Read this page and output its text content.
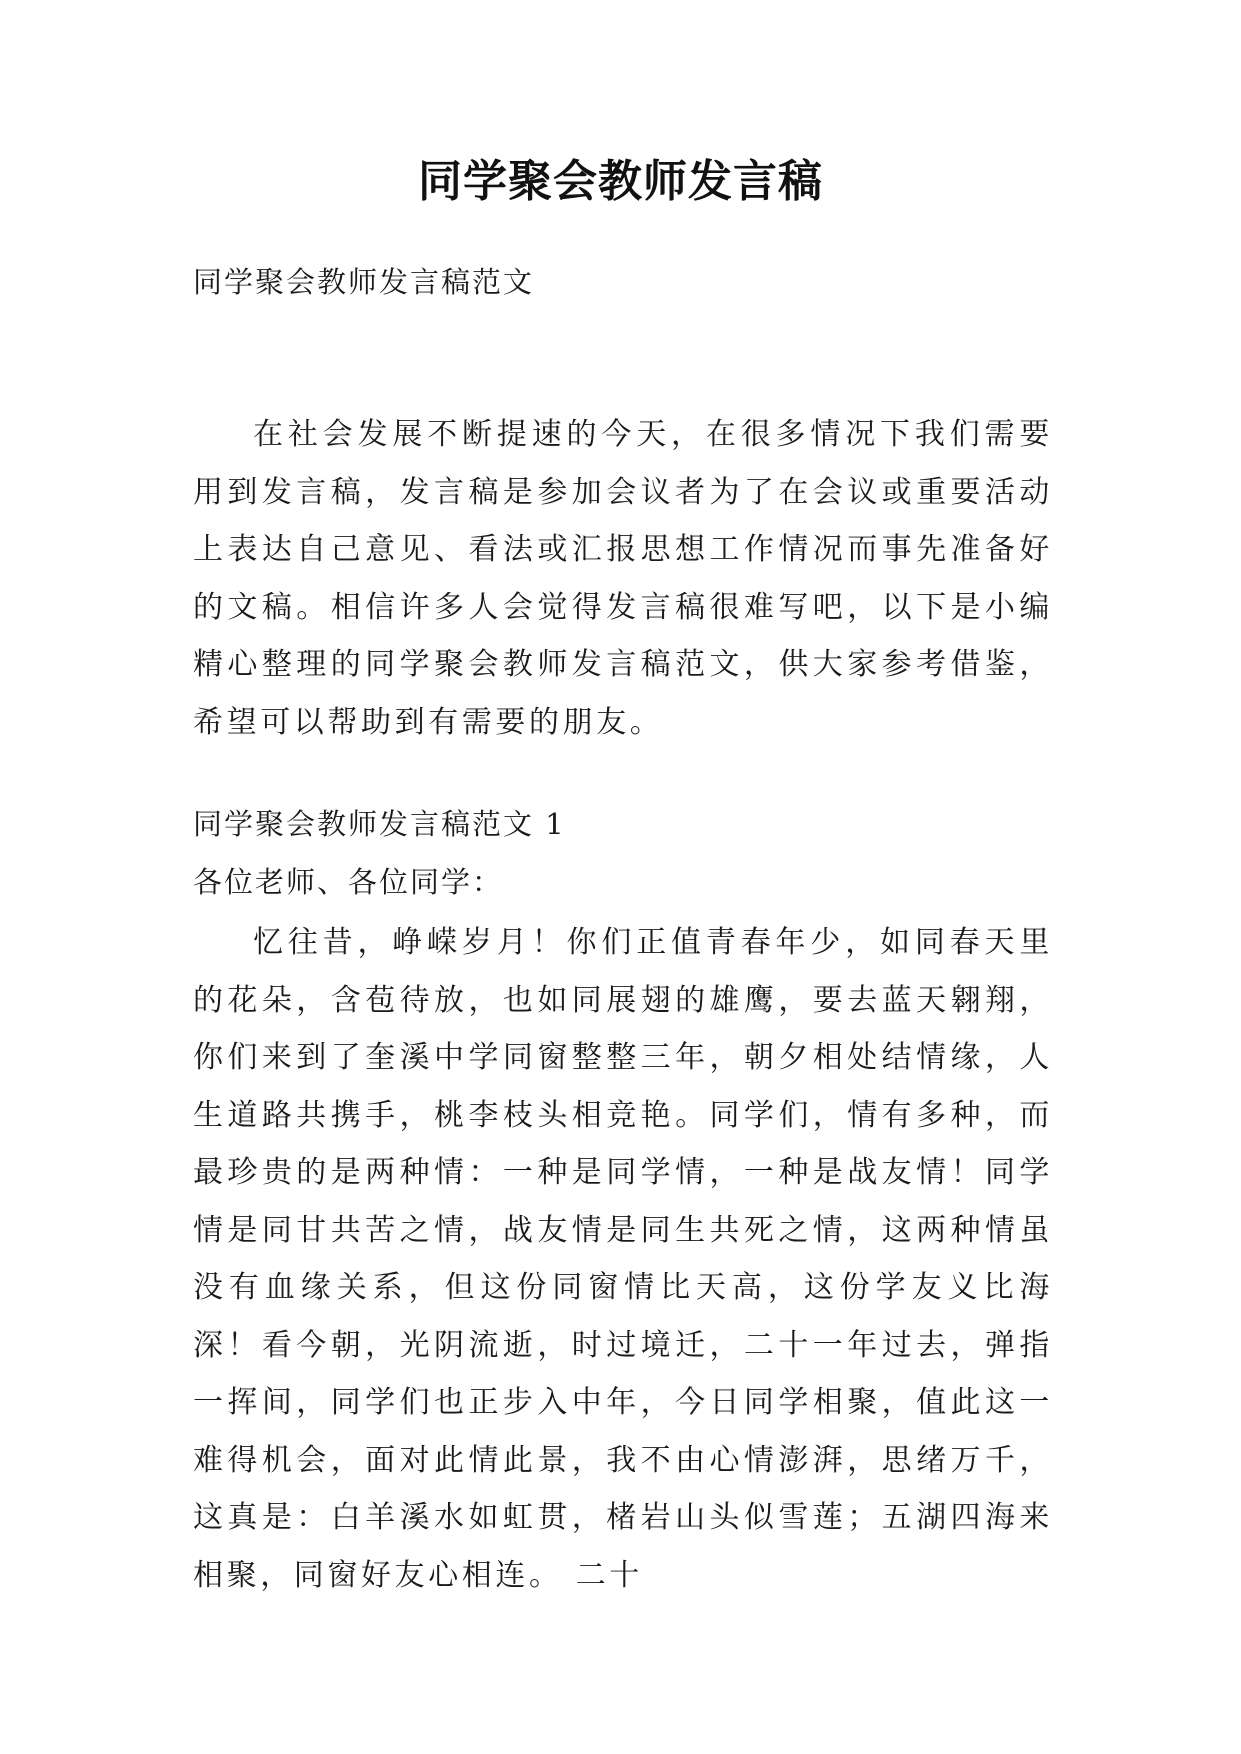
同学聚会教师发言稿
同学聚会教师发言稿范文

在社会发展不断提速的今天，在很多情况下我们需要用到发言稿，发言稿是参加会议者为了在会议或重要活动上表达自己意见、看法或汇报思想工作情况而事先准备好的文稿。相信许多人会觉得发言稿很难写吧，以下是小编精心整理的同学聚会教师发言稿范文，供大家参考借鉴，希望可以帮助到有需要的朋友。

同学聚会教师发言稿范文 1
各位老师、各位同学：

忆往昔，峥嵘岁月！你们正值青春年少，如同春天里的花朵，含苞待放，也如同展翅的雄鹰，要去蓝天翱翔，你们来到了奎溪中学同窗整整三年，朝夕相处结情缘，人生道路共携手，桃李枝头相竞艳。同学们，情有多种，而最珍贵的是两种情：一种是同学情，一种是战友情！同学情是同甘共苦之情，战友情是同生共死之情，这两种情虽没有血缘关系，但这份同窗情比天高，这份学友义比海深！看今朝，光阴流逝，时过境迁，二十一年过去，弹指一挥间，同学们也正步入中年，今日同学相聚，值此这一难得机会，面对此情此景，我不由心情澎湃，思绪万千，这真是：白羊溪水如虹贯，楮岩山头似雪莲；五湖四海来相聚，同窗好友心相连。 二十
